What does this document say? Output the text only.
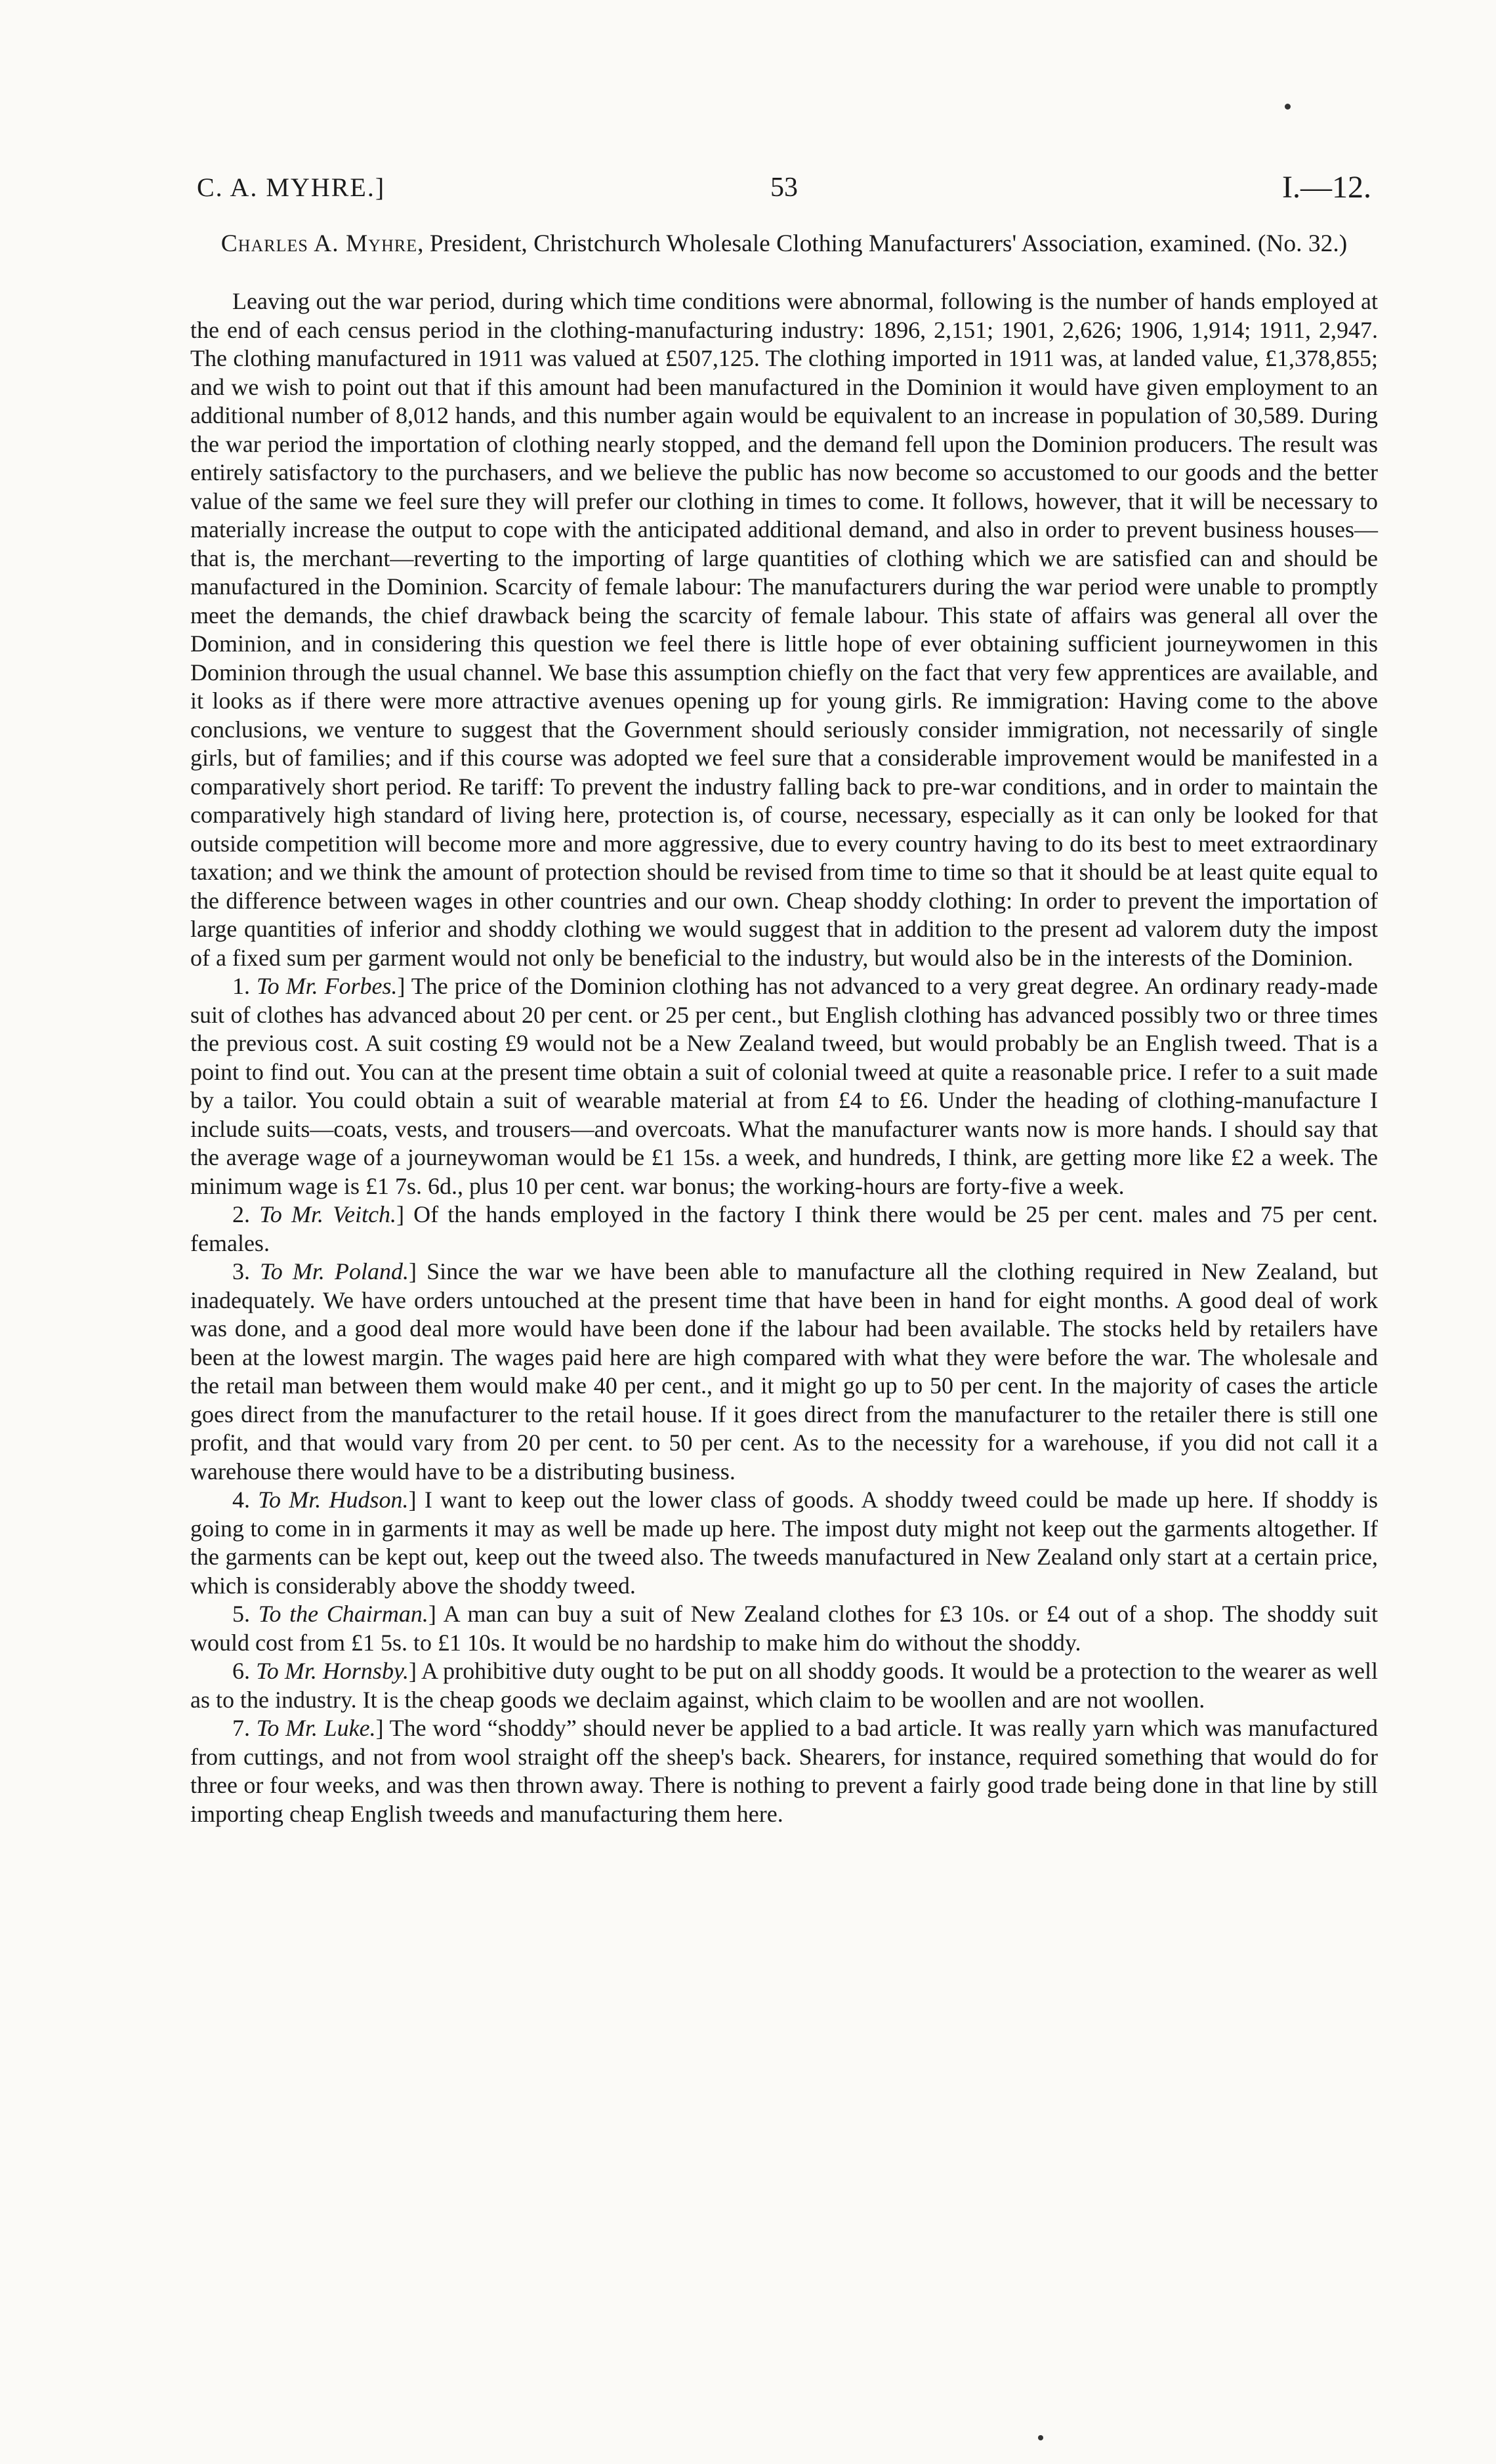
C. A. MYHRE.]	53	I.—12.
Charles A. Myhre, President, Christchurch Wholesale Clothing Manufacturers' Association, examined. (No. 32.)

Leaving out the war period, during which time conditions were abnormal, following is the number of hands employed at the end of each census period in the clothing-manufacturing industry: 1896, 2,151; 1901, 2,626; 1906, 1,914; 1911, 2,947. The clothing manufactured in 1911 was valued at £507,125. The clothing imported in 1911 was, at landed value, £1,378,855; and we wish to point out that if this amount had been manufactured in the Dominion it would have given employment to an additional number of 8,012 hands, and this number again would be equivalent to an increase in population of 30,589. During the war period the importation of clothing nearly stopped, and the demand fell upon the Dominion producers. The result was entirely satisfactory to the purchasers, and we believe the public has now become so accustomed to our goods and the better value of the same we feel sure they will prefer our clothing in times to come. It follows, however, that it will be necessary to materially increase the output to cope with the anticipated additional demand, and also in order to prevent business houses—that is, the merchant—reverting to the importing of large quantities of clothing which we are satisfied can and should be manufactured in the Dominion. Scarcity of female labour: The manufacturers during the war period were unable to promptly meet the demands, the chief drawback being the scarcity of female labour. This state of affairs was general all over the Dominion, and in considering this question we feel there is little hope of ever obtaining sufficient journeywomen in this Dominion through the usual channel. We base this assumption chiefly on the fact that very few apprentices are available, and it looks as if there were more attractive avenues opening up for young girls. Re immigration: Having come to the above conclusions, we venture to suggest that the Government should seriously consider immigration, not necessarily of single girls, but of families; and if this course was adopted we feel sure that a considerable improvement would be manifested in a comparatively short period. Re tariff: To prevent the industry falling back to pre-war conditions, and in order to maintain the comparatively high standard of living here, protection is, of course, necessary, especially as it can only be looked for that outside competition will become more and more aggressive, due to every country having to do its best to meet extraordinary taxation; and we think the amount of protection should be revised from time to time so that it should be at least quite equal to the difference between wages in other countries and our own. Cheap shoddy clothing: In order to prevent the importation of large quantities of inferior and shoddy clothing we would suggest that in addition to the present ad valorem duty the impost of a fixed sum per garment would not only be beneficial to the industry, but would also be in the interests of the Dominion.

1. To Mr. Forbes.] The price of the Dominion clothing has not advanced to a very great degree. An ordinary ready-made suit of clothes has advanced about 20 per cent. or 25 per cent., but English clothing has advanced possibly two or three times the previous cost. A suit costing £9 would not be a New Zealand tweed, but would probably be an English tweed. That is a point to find out. You can at the present time obtain a suit of colonial tweed at quite a reasonable price. I refer to a suit made by a tailor. You could obtain a suit of wearable material at from £4 to £6. Under the heading of clothing-manufacture I include suits—coats, vests, and trousers—and overcoats. What the manufacturer wants now is more hands. I should say that the average wage of a journeywoman would be £1 15s. a week, and hundreds, I think, are getting more like £2 a week. The minimum wage is £1 7s. 6d., plus 10 per cent. war bonus; the working-hours are forty-five a week.

2. To Mr. Veitch.] Of the hands employed in the factory I think there would be 25 per cent. males and 75 per cent. females.

3. To Mr. Poland.] Since the war we have been able to manufacture all the clothing required in New Zealand, but inadequately. We have orders untouched at the present time that have been in hand for eight months. A good deal of work was done, and a good deal more would have been done if the labour had been available. The stocks held by retailers have been at the lowest margin. The wages paid here are high compared with what they were before the war. The wholesale and the retail man between them would make 40 per cent., and it might go up to 50 per cent. In the majority of cases the article goes direct from the manufacturer to the retail house. If it goes direct from the manufacturer to the retailer there is still one profit, and that would vary from 20 per cent. to 50 per cent. As to the necessity for a warehouse, if you did not call it a warehouse there would have to be a distributing business.

4. To Mr. Hudson.] I want to keep out the lower class of goods. A shoddy tweed could be made up here. If shoddy is going to come in in garments it may as well be made up here. The impost duty might not keep out the garments altogether. If the garments can be kept out, keep out the tweed also. The tweeds manufactured in New Zealand only start at a certain price, which is considerably above the shoddy tweed.

5. To the Chairman.] A man can buy a suit of New Zealand clothes for £3 10s. or £4 out of a shop. The shoddy suit would cost from £1 5s. to £1 10s. It would be no hardship to make him do without the shoddy.

6. To Mr. Hornsby.] A prohibitive duty ought to be put on all shoddy goods. It would be a protection to the wearer as well as to the industry. It is the cheap goods we declaim against, which claim to be woollen and are not woollen.

7. To Mr. Luke.] The word “shoddy” should never be applied to a bad article. It was really yarn which was manufactured from cuttings, and not from wool straight off the sheep's back. Shearers, for instance, required something that would do for three or four weeks, and was then thrown away. There is nothing to prevent a fairly good trade being done in that line by still importing cheap English tweeds and manufacturing them here.
